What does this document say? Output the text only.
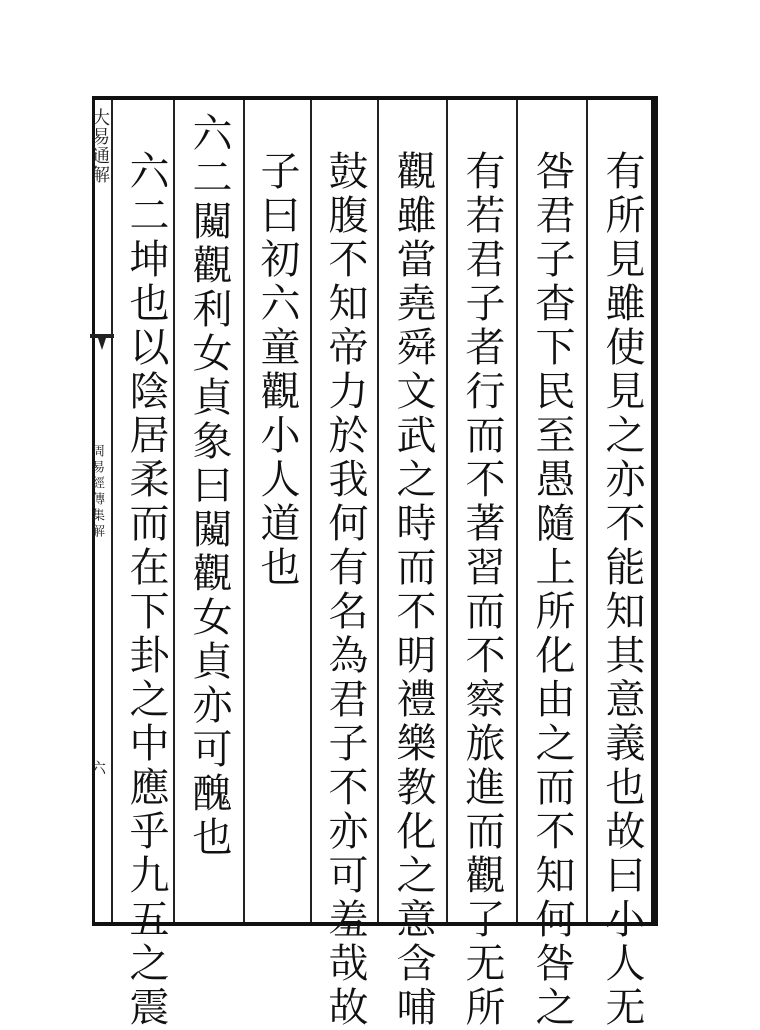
大易通解
周易經傳集解
六	有所見雖使見之亦不能知其意義也故曰小人无
咎君子杳下民至愚隨上所化由之而不知何咎之
有若君子者行而不著習而不察旅進而觀了无所
觀雖當堯舜文武之時而不明禮樂教化之意含哺
鼓腹不知帝力於我何有名為君子不亦可羞哉故
子曰初六童觀小人道也
六二闚觀利女貞象曰闚觀女貞亦可醜也
六二坤也以陰居柔而在下卦之中應乎九五之震
